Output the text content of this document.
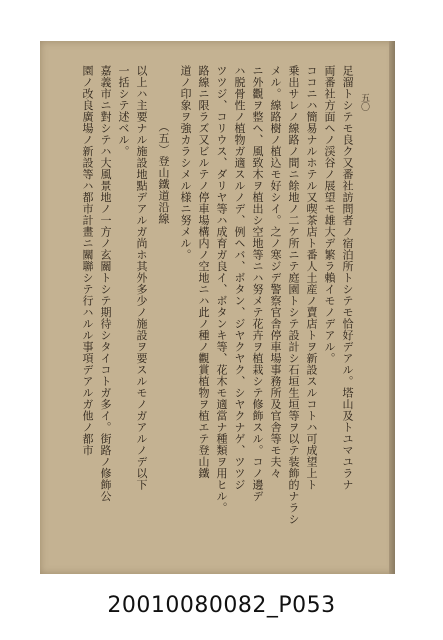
五〇
足溜トシテモ良ク又番社訪問者ノ宿泊所トシテモ恰好デアル。塔山及トユマユラナ
両番社方面ヘノ渓谷ノ展望モ雄大デ繁ラ賴イモノデアル。
ココニハ簡易ナルホテル又喫茶店ト番人土産ノ賣店トヲ新設スルコトハ可成望上ト
乗出サレノ線路ノ間ニ餘地ノ二ケ所ニテ庭園トシテ設計シ石垣生垣等ヲ以テ装飾的ナラシ
メル。線路樹ノ植込モ好シイ。之ノ寒ジデ警察官舎停車場事務所及官舎等モ夫々
ニ外觀ヲ整ヘ、風致木ヲ植出シ空地等ニハ努メテ花卉ヲ植栽シテ修飾スル。コノ邊デ
ハ脱骨性ノ植物ガ適スルノデ、例ヘバ、ボタン、ジヤクヤク、シヤクナゲ、ツツジ
ツツジ、コリウス、ダリヤ等ハ成育ガ良イ、ボタンキ等、花木モ適當ナ種類ヲ用ヒル。
路線ニ限ラズ又ビルテノ停車場構内ノ空地ニハ此ノ種ノ觀賞植物ヲ植エテ登山鐵
道ノ印象ヲ強カラシメル様ニ努メル。
（五）登山鐵道沿線
以上ハ主要ナル施設地點デアルガ尚ホ其外多少ノ施設ヲ要スルモノガアルノデ以下
一括シテ述ベル。
嘉義市ニ對シテハ大風景地ノ一方ノ玄關トシテ期待シタイコトガ多イ。街路ノ修飾公
園ノ改良廣場ノ新設等ハ都市計畫ニ關聯シテ行ハルル事項デアルガ他ノ都市
20010080082_P053
